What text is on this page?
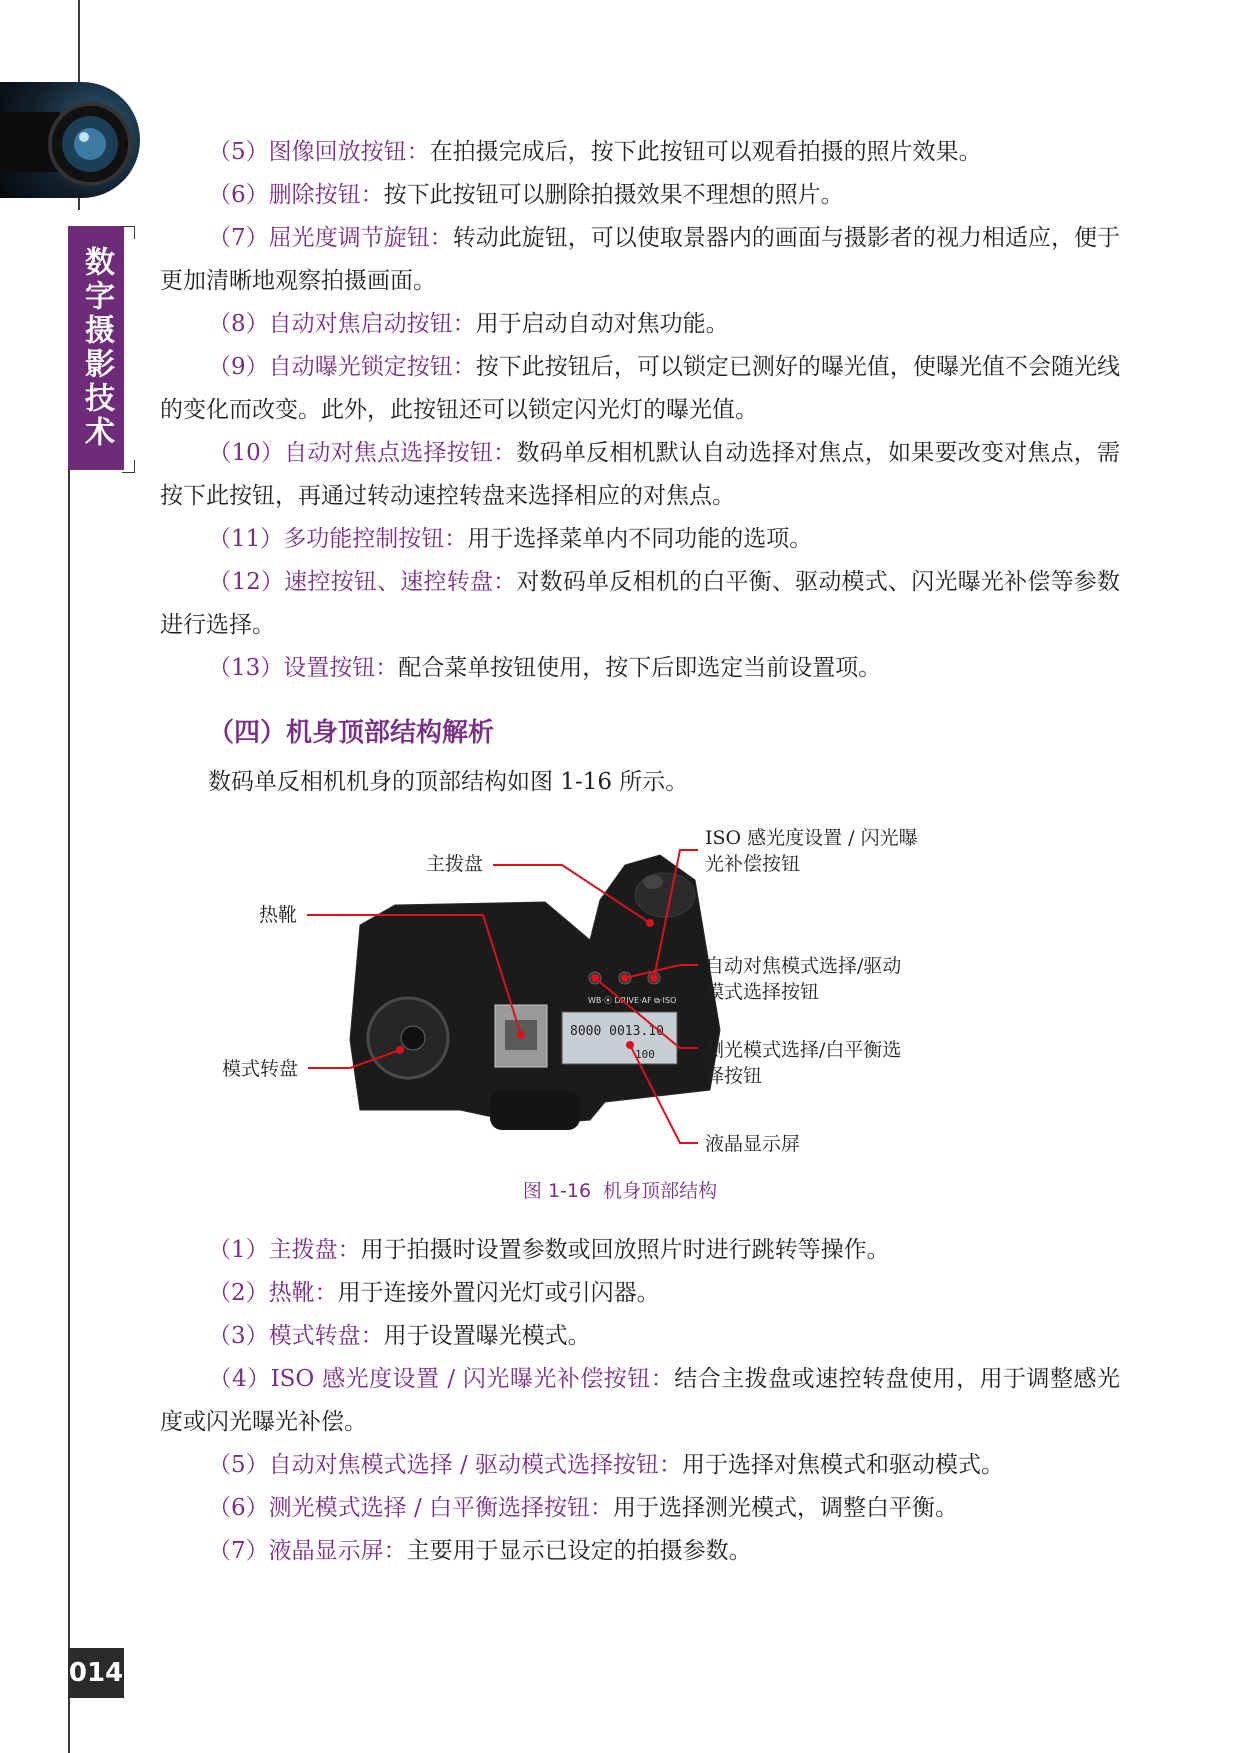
数字摄影技术

（5）图像回放按钮：在拍摄完成后，按下此按钮可以观看拍摄的照片效果。

（6）删除按钮：按下此按钮可以删除拍摄效果不理想的照片。

（7）屈光度调节旋钮：转动此旋钮，可以使取景器内的画面与摄影者的视力相适应，便于更加清晰地观察拍摄画面。

（8）自动对焦启动按钮：用于启动自动对焦功能。

（9）自动曝光锁定按钮：按下此按钮后，可以锁定已测好的曝光值，使曝光值不会随光线的变化而改变。此外，此按钮还可以锁定闪光灯的曝光值。

（10）自动对焦点选择按钮：数码单反相机默认自动选择对焦点，如果要改变对焦点，需按下此按钮，再通过转动速控转盘来选择相应的对焦点。

（11）多功能控制按钮：用于选择菜单内不同功能的选项。

（12）速控按钮、速控转盘：对数码单反相机的白平衡、驱动模式、闪光曝光补偿等参数进行选择。

（13）设置按钮：配合菜单按钮使用，按下后即选定当前设置项。

（四）机身顶部结构解析

数码单反相机机身的顶部结构如图 1-16 所示。

WB·⦿ DRIVE·AF ⧉·ISO
8000 0013.10
100
主拨盘
热靴
模式转盘
ISO 感光度设置 / 闪光曝
光补偿按钮
自动对焦模式选择/驱动
模式选择按钮
测光模式选择/白平衡选
择按钮
液晶显示屏
图 1-16 机身顶部结构

（1）主拨盘：用于拍摄时设置参数或回放照片时进行跳转等操作。

（2）热靴：用于连接外置闪光灯或引闪器。

（3）模式转盘：用于设置曝光模式。

（4）ISO 感光度设置 / 闪光曝光补偿按钮：结合主拨盘或速控转盘使用，用于调整感光度或闪光曝光补偿。

（5）自动对焦模式选择 / 驱动模式选择按钮：用于选择对焦模式和驱动模式。

（6）测光模式选择 / 白平衡选择按钮：用于选择测光模式，调整白平衡。

（7）液晶显示屏：主要用于显示已设定的拍摄参数。

014
